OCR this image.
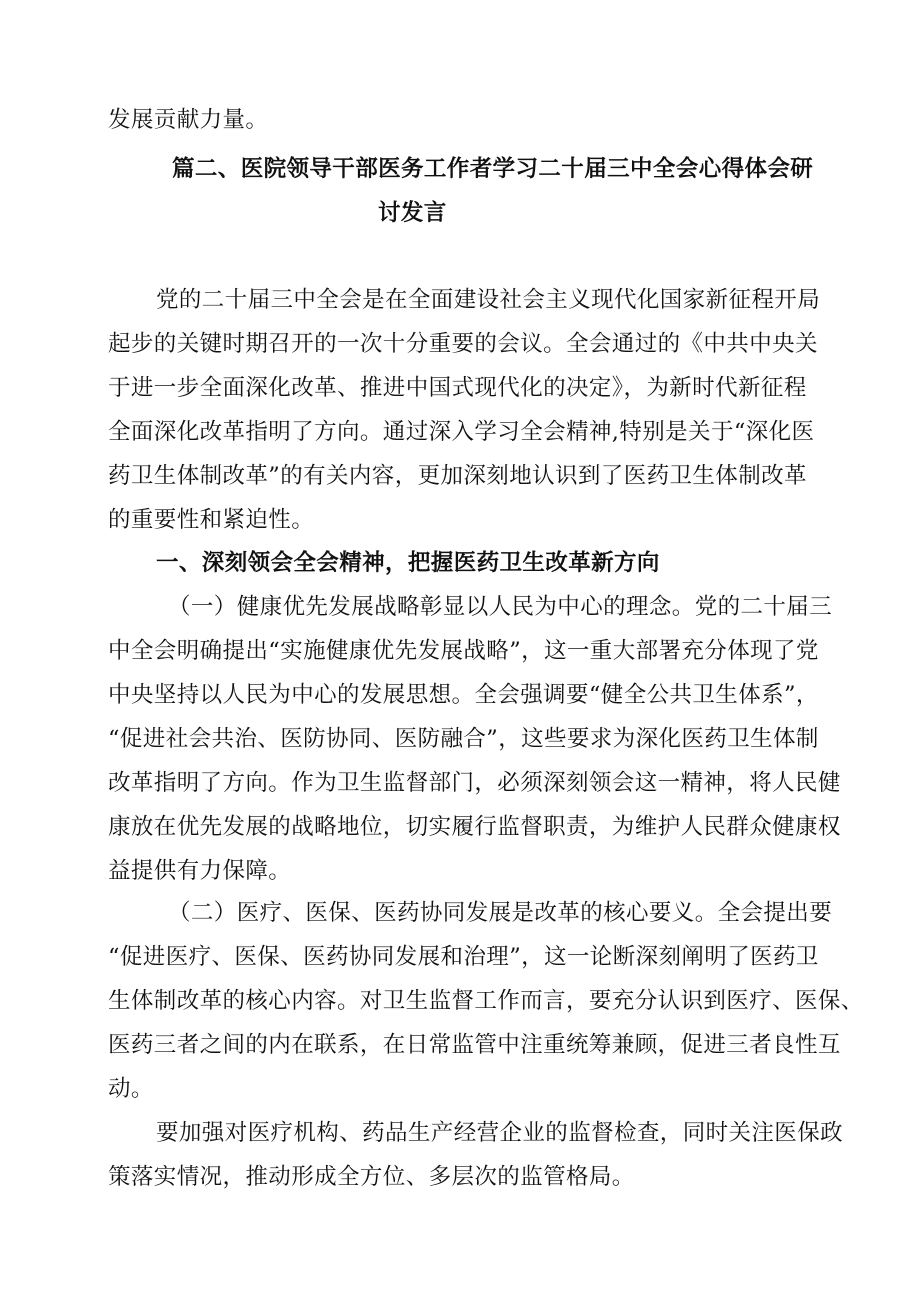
发展贡献力量。
篇二、医院领导干部医务工作者学习二十届三中全会心得体会研
讨发言
党的二十届三中全会是在全面建设社会主义现代化国家新征程开局
起步的关键时期召开的一次十分重要的会议。全会通过的《中共中央关
于进一步全面深化改革、推进中国式现代化的决定》，为新时代新征程
全面深化改革指明了方向。通过深入学习全会精神,特别是关于“深化医
药卫生体制改革”的有关内容，更加深刻地认识到了医药卫生体制改革
的重要性和紧迫性。
一、深刻领会全会精神，把握医药卫生改革新方向
（一）健康优先发展战略彰显以人民为中心的理念。党的二十届三
中全会明确提出“实施健康优先发展战略”，这一重大部署充分体现了党
中央坚持以人民为中心的发展思想。全会强调要“健全公共卫生体系”，
“促进社会共治、医防协同、医防融合”，这些要求为深化医药卫生体制
改革指明了方向。作为卫生监督部门，必须深刻领会这一精神，将人民健
康放在优先发展的战略地位，切实履行监督职责，为维护人民群众健康权
益提供有力保障。
（二）医疗、医保、医药协同发展是改革的核心要义。全会提出要
“促进医疗、医保、医药协同发展和治理”，这一论断深刻阐明了医药卫
生体制改革的核心内容。对卫生监督工作而言，要充分认识到医疗、医保、
医药三者之间的内在联系，在日常监管中注重统筹兼顾，促进三者良性互
动。
要加强对医疗机构、药品生产经营企业的监督检查，同时关注医保政
策落实情况，推动形成全方位、多层次的监管格局。
